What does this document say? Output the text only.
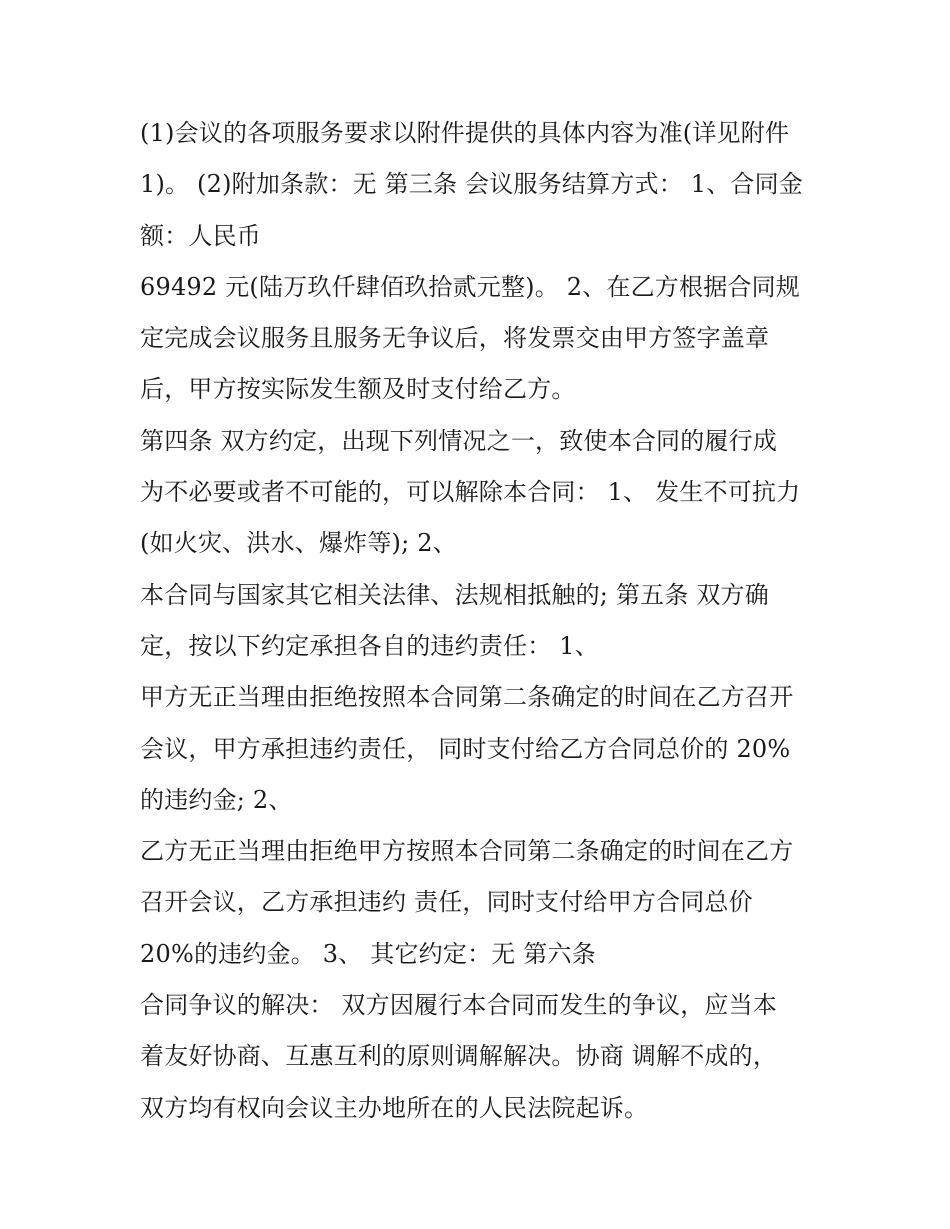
(1)会议的各项服务要求以附件提供的具体内容为准(详见附件
1)。 (2)附加条款：无 第三条 会议服务结算方式： 1、合同金
额：人民币
69492 元(陆万玖仟肆佰玖拾贰元整)。 2、在乙方根据合同规
定完成会议服务且服务无争议后，将发票交由甲方签字盖章
后，甲方按实际发生额及时支付给乙方。
第四条 双方约定，出现下列情况之一，致使本合同的履行成
为不必要或者不可能的，可以解除本合同： 1、 发生不可抗力
(如火灾、洪水、爆炸等); 2、
本合同与国家其它相关法律、法规相抵触的; 第五条 双方确
定，按以下约定承担各自的违约责任： 1、
甲方无正当理由拒绝按照本合同第二条确定的时间在乙方召开
会议，甲方承担违约责任， 同时支付给乙方合同总价的 20%
的违约金; 2、
乙方无正当理由拒绝甲方按照本合同第二条确定的时间在乙方
召开会议，乙方承担违约 责任，同时支付给甲方合同总价
20%的违约金。 3、 其它约定：无 第六条
合同争议的解决： 双方因履行本合同而发生的争议，应当本
着友好协商、互惠互利的原则调解解决。协商 调解不成的，
双方均有权向会议主办地所在的人民法院起诉。
